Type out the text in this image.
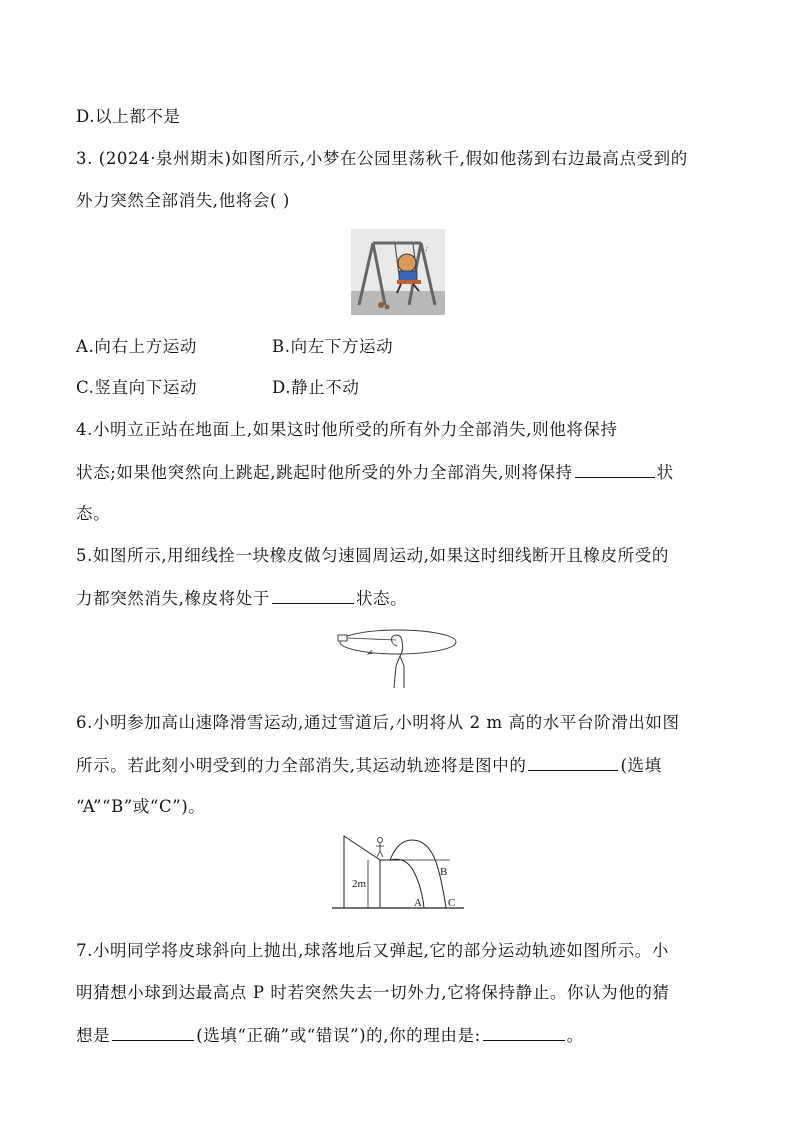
D.以上都不是
3. (2024·泉州期末)如图所示,小梦在公园里荡秋千,假如他荡到右边最高点受到的
外力突然全部消失,他将会( )
♪
A.向右上方运动	B.向左下方运动
C.竖直向下运动	D.静止不动
4.小明立正站在地面上,如果这时他所受的所有外力全部消失,则他将保持
状态;如果他突然向上跳起,跳起时他所受的外力全部消失,则将保持	状
态。
5.如图所示,用细线拴一块橡皮做匀速圆周运动,如果这时细线断开且橡皮所受的
力都突然消失,橡皮将处于	状态。
6.小明参加高山速降滑雪运动,通过雪道后,小明将从 2 m 高的水平台阶滑出如图
所示。若此刻小明受到的力全部消失,其运动轨迹将是图中的	(选填
“A”“B”或“C”)。
B
A C
2m
7.小明同学将皮球斜向上抛出,球落地后又弹起,它的部分运动轨迹如图所示。小
明猜想小球到达最高点 P 时若突然失去一切外力,它将保持静止。你认为他的猜
想是	(选填“正确”或“错误”)的,你的理由是:	。
